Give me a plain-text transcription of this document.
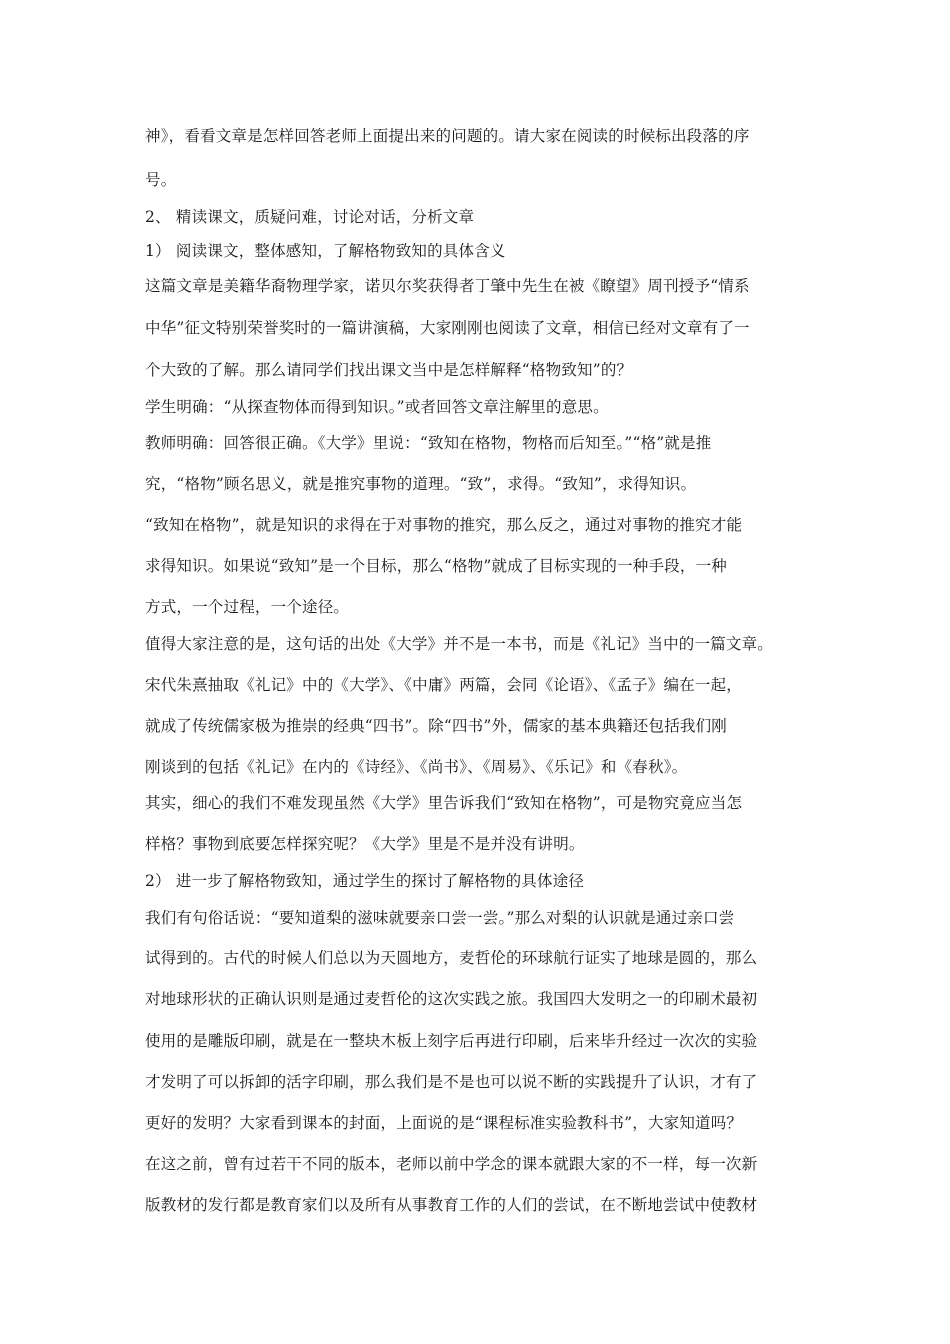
神》，看看文章是怎样回答老师上面提出来的问题的。请大家在阅读的时候标出段落的序
号。
2、 精读课文，质疑问难，讨论对话，分析文章
1） 阅读课文，整体感知，了解格物致知的具体含义
这篇文章是美籍华裔物理学家，诺贝尔奖获得者丁肇中先生在被《瞭望》周刊授予“情系
中华”征文特别荣誉奖时的一篇讲演稿，大家刚刚也阅读了文章，相信已经对文章有了一
个大致的了解。那么请同学们找出课文当中是怎样解释“格物致知”的？
学生明确：“从探查物体而得到知识。”或者回答文章注解里的意思。
教师明确：回答很正确。《大学》里说：“致知在格物，物格而后知至。”“格”就是推
究，“格物”顾名思义，就是推究事物的道理。“致”，求得。“致知”，求得知识。
“致知在格物”，就是知识的求得在于对事物的推究，那么反之，通过对事物的推究才能
求得知识。如果说“致知”是一个目标，那么“格物”就成了目标实现的一种手段，一种
方式，一个过程，一个途径。
值得大家注意的是，这句话的出处《大学》并不是一本书，而是《礼记》当中的一篇文章。
宋代朱熹抽取《礼记》中的《大学》、《中庸》两篇，会同《论语》、《孟子》编在一起，
就成了传统儒家极为推崇的经典“四书”。除“四书”外，儒家的基本典籍还包括我们刚
刚谈到的包括《礼记》在内的《诗经》、《尚书》、《周易》、《乐记》和《春秋》。
其实，细心的我们不难发现虽然《大学》里告诉我们“致知在格物”，可是物究竟应当怎
样格？事物到底要怎样探究呢？《大学》里是不是并没有讲明。
2） 进一步了解格物致知，通过学生的探讨了解格物的具体途径
我们有句俗话说：“要知道梨的滋味就要亲口尝一尝。”那么对梨的认识就是通过亲口尝
试得到的。古代的时候人们总以为天圆地方，麦哲伦的环球航行证实了地球是圆的，那么
对地球形状的正确认识则是通过麦哲伦的这次实践之旅。我国四大发明之一的印刷术最初
使用的是雕版印刷，就是在一整块木板上刻字后再进行印刷，后来毕升经过一次次的实验
才发明了可以拆卸的活字印刷，那么我们是不是也可以说不断的实践提升了认识，才有了
更好的发明？大家看到课本的封面，上面说的是“课程标准实验教科书”，大家知道吗？
在这之前，曾有过若干不同的版本，老师以前中学念的课本就跟大家的不一样，每一次新
版教材的发行都是教育家们以及所有从事教育工作的人们的尝试，在不断地尝试中使教材
